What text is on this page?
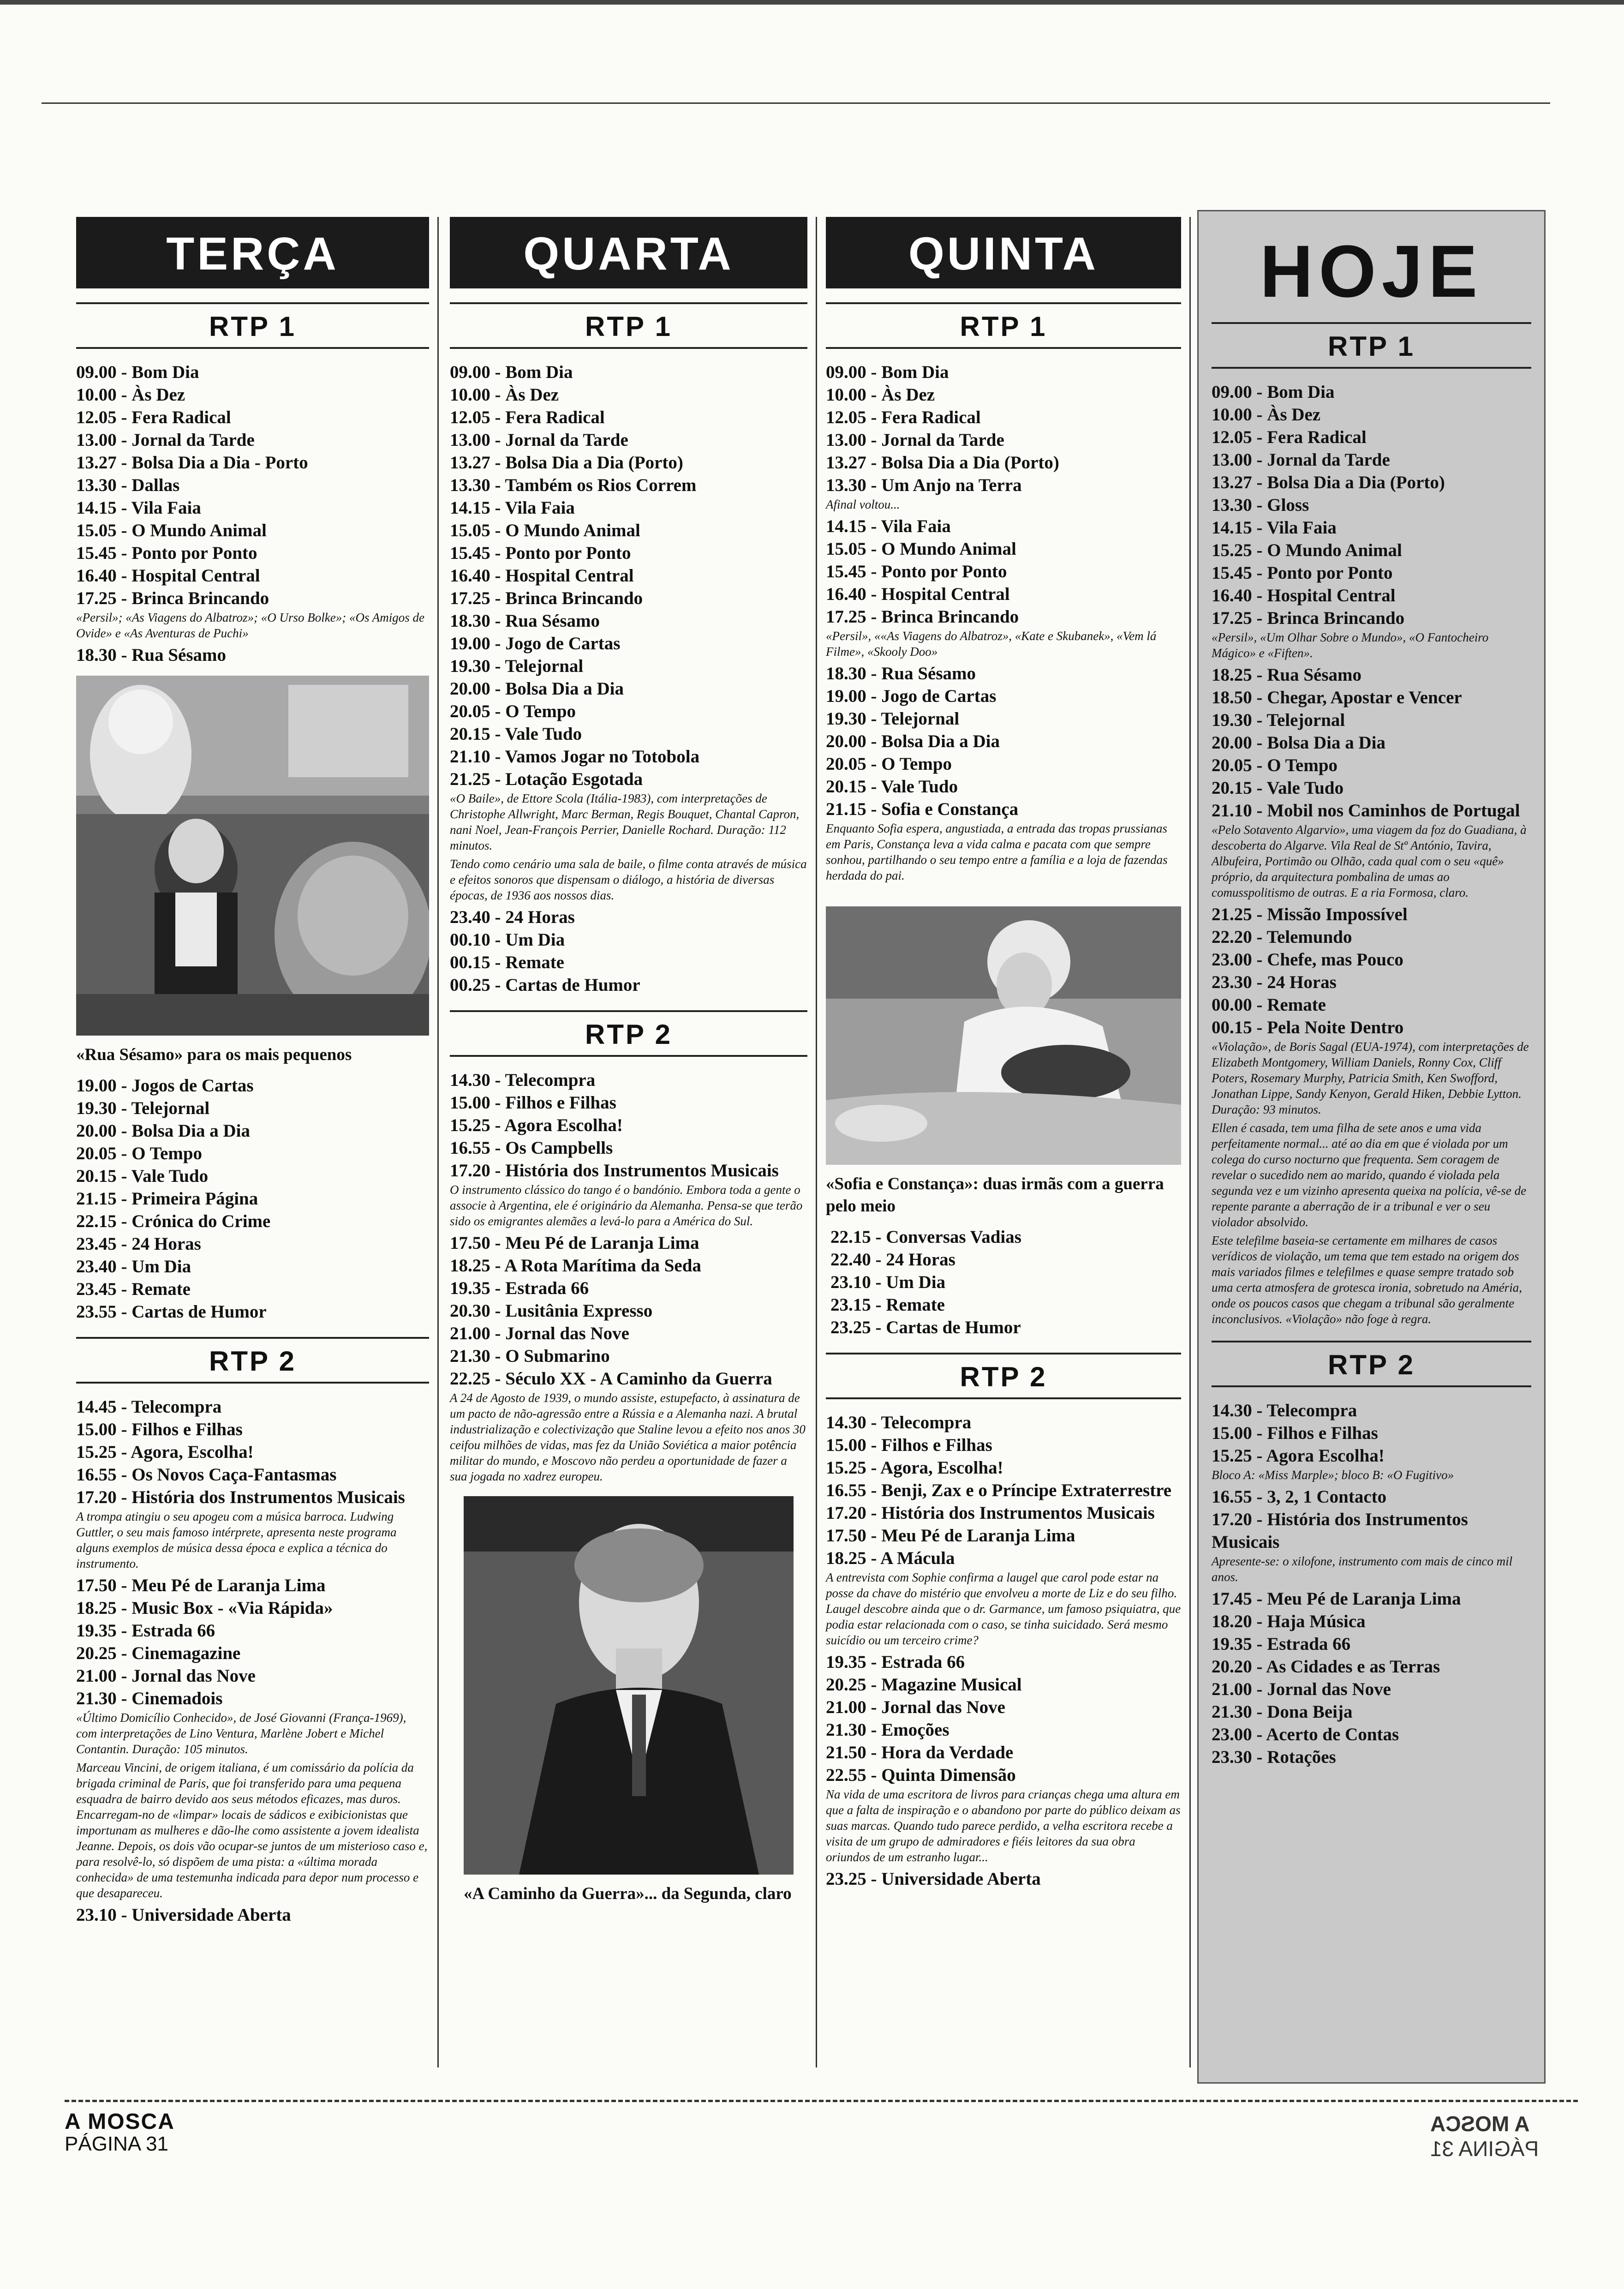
TERÇA
RTP 1

09.00 - Bom Dia

10.00 - Às Dez

12.05 - Fera Radical

13.00 - Jornal da Tarde

13.27 - Bolsa Dia a Dia - Porto

13.30 - Dallas

14.15 - Vila Faia

15.05 - O Mundo Animal

15.45 - Ponto por Ponto

16.40 - Hospital Central

17.25 - Brinca Brincando

«Persil»; «As Viagens do Albatroz»; «O Urso Bolke»; «Os Amigos de Ovide» e «As Aventuras de Puchi»

18.30 - Rua Sésamo

«Rua Sésamo» para os mais pequenos

19.00 - Jogos de Cartas

19.30 - Telejornal

20.00 - Bolsa Dia a Dia

20.05 - O Tempo

20.15 - Vale Tudo

21.15 - Primeira Página

22.15 - Crónica do Crime

23.45 - 24 Horas

23.40 - Um Dia

23.45 - Remate

23.55 - Cartas de Humor

RTP 2

14.45 - Telecompra

15.00 - Filhos e Filhas

15.25 - Agora, Escolha!

16.55 - Os Novos Caça-Fantasmas

17.20 - História dos Instrumentos Musicais

A trompa atingiu o seu apogeu com a música barroca. Ludwing Guttler, o seu mais famoso intérprete, apresenta neste programa alguns exemplos de música dessa época e explica a técnica do instrumento.

17.50 - Meu Pé de Laranja Lima

18.25 - Music Box - «Via Rápida»

19.35 - Estrada 66

20.25 - Cinemagazine

21.00 - Jornal das Nove

21.30 - Cinemadois

«Último Domicílio Conhecido», de José Giovanni (França-1969), com interpretações de Lino Ventura, Marlène Jobert e Michel Contantin. Duração: 105 minutos.

Marceau Vincini, de origem italiana, é um comissário da polícia da brigada criminal de Paris, que foi transferido para uma pequena esquadra de bairro devido aos seus métodos eficazes, mas duros. Encarregam-no de «limpar» locais de sádicos e exibicionistas que importunam as mulheres e dão-lhe como assistente a jovem idealista Jeanne. Depois, os dois vão ocupar-se juntos de um misterioso caso e, para resolvê-lo, só dispõem de uma pista: a «última morada conhecida» de uma testemunha indicada para depor num processo e que desapareceu.

23.10 - Universidade Aberta

QUARTA
RTP 1

09.00 - Bom Dia

10.00 - Às Dez

12.05 - Fera Radical

13.00 - Jornal da Tarde

13.27 - Bolsa Dia a Dia (Porto)

13.30 - Também os Rios Correm

14.15 - Vila Faia

15.05 - O Mundo Animal

15.45 - Ponto por Ponto

16.40 - Hospital Central

17.25 - Brinca Brincando

18.30 - Rua Sésamo

19.00 - Jogo de Cartas

19.30 - Telejornal

20.00 - Bolsa Dia a Dia

20.05 - O Tempo

20.15 - Vale Tudo

21.10 - Vamos Jogar no Totobola

21.25 - Lotação Esgotada

«O Baile», de Ettore Scola (Itália-1983), com interpretações de Christophe Allwright, Marc Berman, Regis Bouquet, Chantal Capron, nani Noel, Jean-François Perrier, Danielle Rochard. Duração: 112 minutos.

Tendo como cenário uma sala de baile, o filme conta através de música e efeitos sonoros que dispensam o diálogo, a história de diversas épocas, de 1936 aos nossos dias.

23.40 - 24 Horas

00.10 - Um Dia

00.15 - Remate

00.25 - Cartas de Humor

RTP 2

14.30 - Telecompra

15.00 - Filhos e Filhas

15.25 - Agora Escolha!

16.55 - Os Campbells

17.20 - História dos Instrumentos Musicais

O instrumento clássico do tango é o bandónio. Embora toda a gente o associe à Argentina, ele é originário da Alemanha. Pensa-se que terão sido os emigrantes alemães a levá-lo para a América do Sul.

17.50 - Meu Pé de Laranja Lima

18.25 - A Rota Marítima da Seda

19.35 - Estrada 66

20.30 - Lusitânia Expresso

21.00 - Jornal das Nove

21.30 - O Submarino

22.25 - Século XX - A Caminho da Guerra

A 24 de Agosto de 1939, o mundo assiste, estupefacto, à assinatura de um pacto de não-agressão entre a Rússia e a Alemanha nazi. A brutal industrialização e colectivização que Staline levou a efeito nos anos 30 ceifou milhões de vidas, mas fez da União Soviética a maior potência militar do mundo, e Moscovo não perdeu a oportunidade de fazer a sua jogada no xadrez europeu.

«A Caminho da Guerra»... da Segunda, claro

QUINTA
RTP 1

09.00 - Bom Dia

10.00 - Às Dez

12.05 - Fera Radical

13.00 - Jornal da Tarde

13.27 - Bolsa Dia a Dia (Porto)

13.30 - Um Anjo na Terra

Afinal voltou...

14.15 - Vila Faia

15.05 - O Mundo Animal

15.45 - Ponto por Ponto

16.40 - Hospital Central

17.25 - Brinca Brincando

«Persil», ««As Viagens do Albatroz», «Kate e Skubanek», «Vem lá Filme», «Skooly Doo»

18.30 - Rua Sésamo

19.00 - Jogo de Cartas

19.30 - Telejornal

20.00 - Bolsa Dia a Dia

20.05 - O Tempo

20.15 - Vale Tudo

21.15 - Sofia e Constança

Enquanto Sofia espera, angustiada, a entrada das tropas prussianas em Paris, Constança leva a vida calma e pacata com que sempre sonhou, partilhando o seu tempo entre a família e a loja de fazendas herdada do pai.

«Sofia e Constança»: duas irmãs com a guerra pelo meio

22.15 - Conversas Vadias

22.40 - 24 Horas

23.10 - Um Dia

23.15 - Remate

23.25 - Cartas de Humor

RTP 2

14.30 - Telecompra

15.00 - Filhos e Filhas

15.25 - Agora, Escolha!

16.55 - Benji, Zax e o Príncipe Extraterrestre

17.20 - História dos Instrumentos Musicais

17.50 - Meu Pé de Laranja Lima

18.25 - A Mácula

A entrevista com Sophie confirma a laugel que carol pode estar na posse da chave do mistério que envolveu a morte de Liz e do seu filho. Laugel descobre ainda que o dr. Garmance, um famoso psiquiatra, que podia estar relacionada com o caso, se tinha suicidado. Será mesmo suicídio ou um terceiro crime?

19.35 - Estrada 66

20.25 - Magazine Musical

21.00 - Jornal das Nove

21.30 - Emoções

21.50 - Hora da Verdade

22.55 - Quinta Dimensão

Na vida de uma escritora de livros para crianças chega uma altura em que a falta de inspiração e o abandono por parte do público deixam as suas marcas. Quando tudo parece perdido, a velha escritora recebe a visita de um grupo de admiradores e fiéis leitores da sua obra oriundos de um estranho lugar...

23.25 - Universidade Aberta

HOJE
RTP 1

09.00 - Bom Dia

10.00 - Às Dez

12.05 - Fera Radical

13.00 - Jornal da Tarde

13.27 - Bolsa Dia a Dia (Porto)

13.30 - Gloss

14.15 - Vila Faia

15.25 - O Mundo Animal

15.45 - Ponto por Ponto

16.40 - Hospital Central

17.25 - Brinca Brincando

«Persil», «Um Olhar Sobre o Mundo», «O Fantocheiro Mágico» e «Fiften».

18.25 - Rua Sésamo

18.50 - Chegar, Apostar e Vencer

19.30 - Telejornal

20.00 - Bolsa Dia a Dia

20.05 - O Tempo

20.15 - Vale Tudo

21.10 - Mobil nos Caminhos de Portugal

«Pelo Sotavento Algarvio», uma viagem da foz do Guadiana, à descoberta do Algarve. Vila Real de Stº António, Tavira, Albufeira, Portimão ou Olhão, cada qual com o seu «quê» próprio, da arquitectura pombalina de umas ao comusspolitismo de outras. E a ria Formosa, claro.

21.25 - Missão Impossível

22.20 - Telemundo

23.00 - Chefe, mas Pouco

23.30 - 24 Horas

00.00 - Remate

00.15 - Pela Noite Dentro

«Violação», de Boris Sagal (EUA-1974), com interpretações de Elizabeth Montgomery, William Daniels, Ronny Cox, Cliff Poters, Rosemary Murphy, Patricia Smith, Ken Swofford, Jonathan Lippe, Sandy Kenyon, Gerald Hiken, Debbie Lytton. Duração: 93 minutos.

Ellen é casada, tem uma filha de sete anos e uma vida perfeitamente normal... até ao dia em que é violada por um colega do curso nocturno que frequenta. Sem coragem de revelar o sucedido nem ao marido, quando é violada pela segunda vez e um vizinho apresenta queixa na polícia, vê-se de repente parante a aberração de ir a tribunal e ver o seu violador absolvido.

Este telefilme baseia-se certamente em milhares de casos verídicos de violação, um tema que tem estado na origem dos mais variados filmes e telefilmes e quase sempre tratado sob uma certa atmosfera de grotesca ironia, sobretudo na Améria, onde os poucos casos que chegam a tribunal são geralmente inconclusivos. «Violação» não foge à regra.

RTP 2

14.30 - Telecompra

15.00 - Filhos e Filhas

15.25 - Agora Escolha!

Bloco A: «Miss Marple»; bloco B: «O Fugitivo»

16.55 - 3, 2, 1 Contacto

17.20 - História dos Instrumentos Musicais

Apresente-se: o xilofone, instrumento com mais de cinco mil anos.

17.45 - Meu Pé de Laranja Lima

18.20 - Haja Música

19.35 - Estrada 66

20.20 - As Cidades e as Terras

21.00 - Jornal das Nove

21.30 - Dona Beija

23.00 - Acerto de Contas

23.30 - Rotações

A MOSCA
PÁGINA 31
A MOSCA
PÁGINA 31
